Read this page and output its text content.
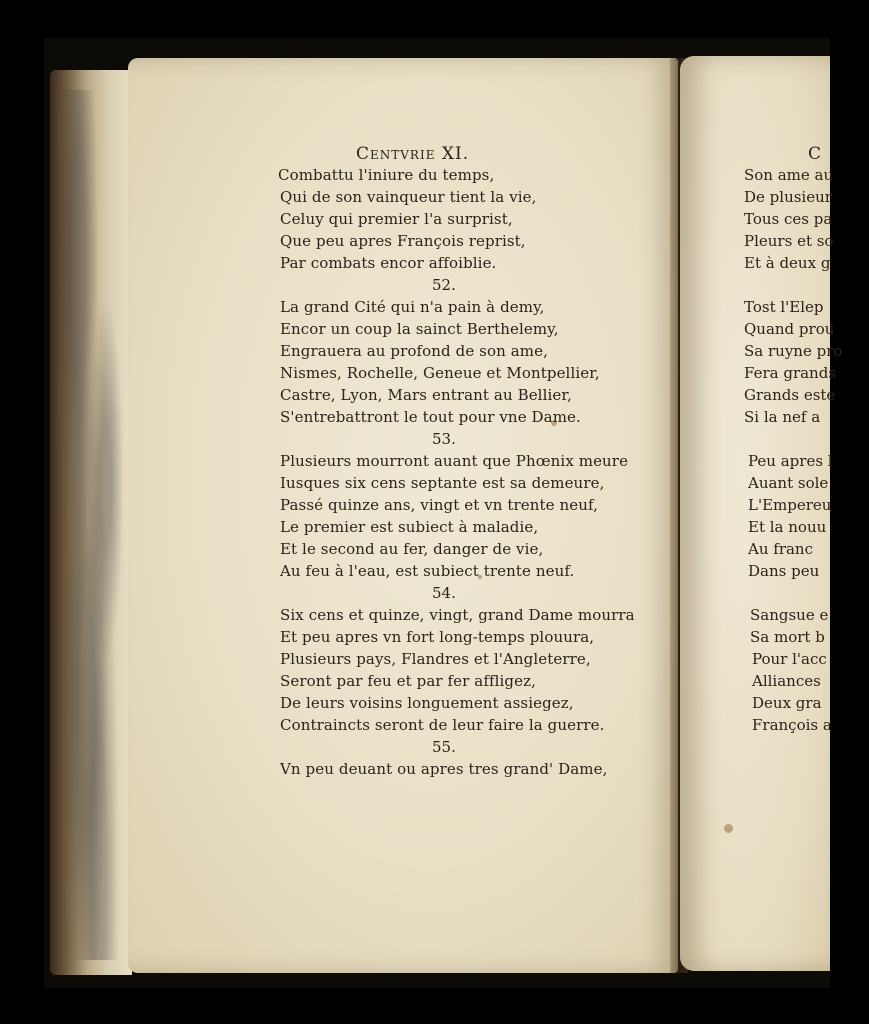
Centvrie XI.
Combattu l'iniure du temps,
Qui de son vainqueur tient la vie,
Celuy qui premier l'a surprist,
Que peu apres François reprist,
Par combats encor affoiblie.
52.
La grand Cité qui n'a pain à demy,
Encor un coup la sainct Berthelemy,
Engrauera au profond de son ame,
Nismes, Rochelle, Geneue et Montpellier,
Castre, Lyon, Mars entrant au Bellier,
S'entrebattront le tout pour vne Dame.
53.
Plusieurs mourront auant que Phœnix meure
Iusques six cens septante est sa demeure,
Passé quinze ans, vingt et vn trente neuf,
Le premier est subiect à maladie,
Et le second au fer, danger de vie,
Au feu à l'eau, est subiect trente neuf.
54.
Six cens et quinze, vingt, grand Dame mourra
Et peu apres vn fort long-temps plouura,
Plusieurs pays, Flandres et l'Angleterre,
Seront par feu et par fer affligez,
De leurs voisins longuement assiegez,
Contraincts seront de leur faire la guerre.
55.
Vn peu deuant ou apres tres grand' Dame,
C
Son ame au
De plusieur
Tous ces pa
Pleurs et so
Et à deux g
Tost l'Elep
Quand prou
Sa ruyne pro
Fera grands
Grands este
Si la nef a
Peu apres l
Auant sole
L'Empereu
Et la nouu
Au franc
Dans peu
Sangsue e
Sa mort b
Pour l'acc
Alliances
Deux gra
François a
